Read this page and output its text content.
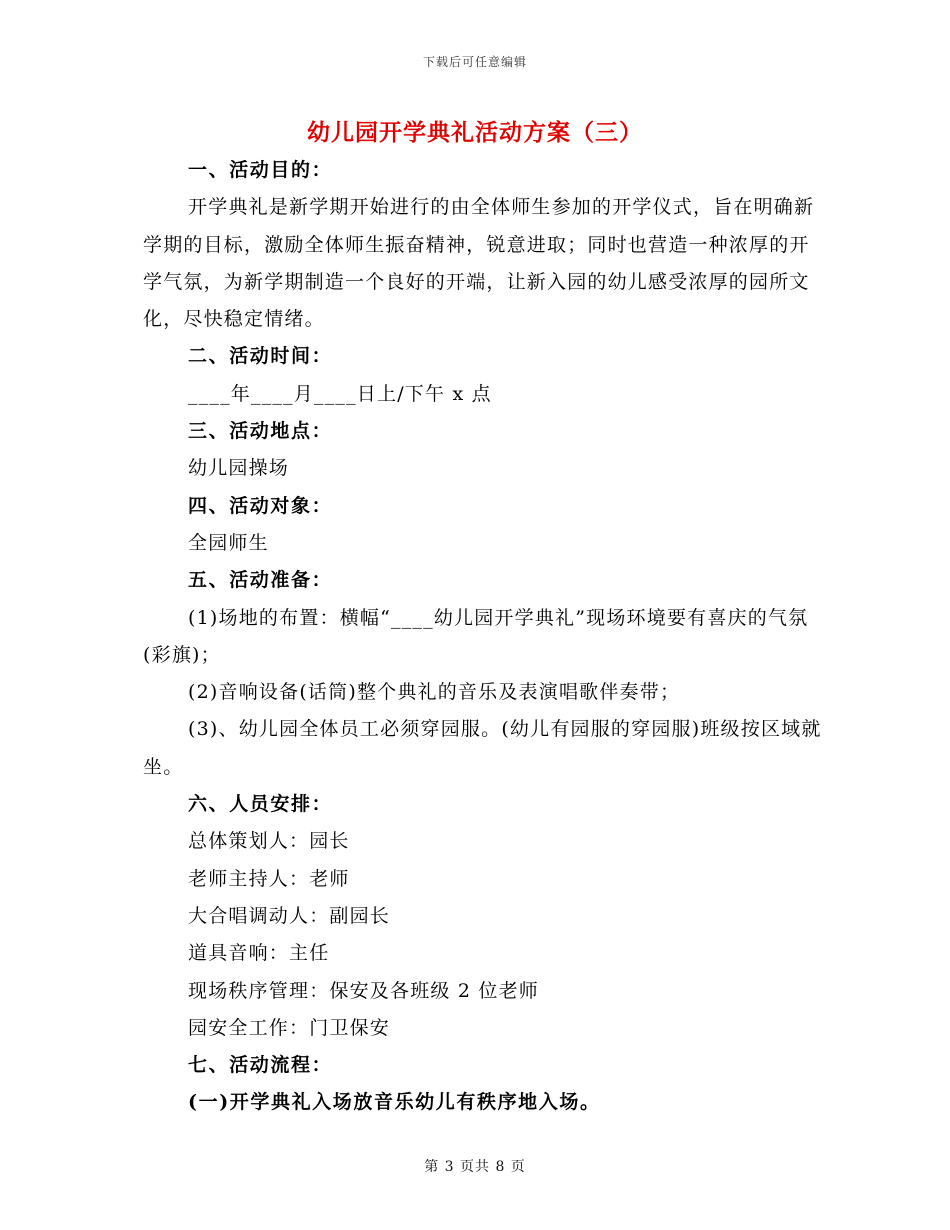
下载后可任意编辑
幼儿园开学典礼活动方案（三）

一、活动目的：

开学典礼是新学期开始进行的由全体师生参加的开学仪式，旨在明确新学期的目标，激励全体师生振奋精神，锐意进取；同时也营造一种浓厚的开学气氛，为新学期制造一个良好的开端，让新入园的幼儿感受浓厚的园所文化，尽快稳定情绪。

二、活动时间：

____年____月____日上/下午 x 点

三、活动地点：

幼儿园操场

四、活动对象：

全园师生

五、活动准备：

(1)场地的布置：横幅“____幼儿园开学典礼”现场环境要有喜庆的气氛(彩旗)；

(2)音响设备(话筒)整个典礼的音乐及表演唱歌伴奏带；

(3)、幼儿园全体员工必须穿园服。(幼儿有园服的穿园服)班级按区域就坐。

六、人员安排：

总体策划人：园长

老师主持人：老师

大合唱调动人：副园长

道具音响：主任

现场秩序管理：保安及各班级 2 位老师

园安全工作：门卫保安

七、活动流程：

(一)开学典礼入场放音乐幼儿有秩序地入场。

第 3 页共 8 页
